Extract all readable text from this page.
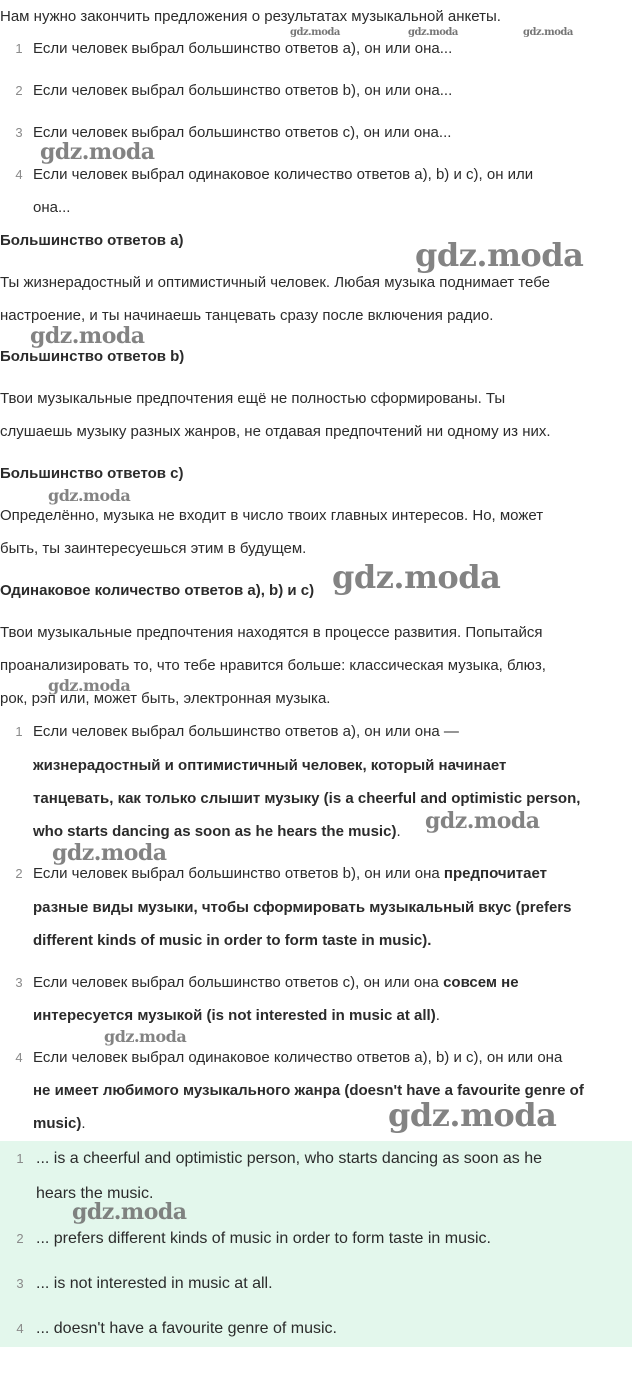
Нам нужно закончить предложения о результатах музыкальной анкеты.
1 Если человек выбрал большинство ответов a), он или она...
2 Если человек выбрал большинство ответов b), он или она...
3 Если человек выбрал большинство ответов c), он или она...
4 Если человек выбрал одинаковое количество ответов a), b) и c), он или
она...
Большинство ответов a)
Ты жизнерадостный и оптимистичный человек. Любая музыка поднимает тебе
настроение, и ты начинаешь танцевать сразу после включения радио.
Большинство ответов b)
Твои музыкальные предпочтения ещё не полностью сформированы. Ты
слушаешь музыку разных жанров, не отдавая предпочтений ни одному из них.
Большинство ответов c)
Определённо, музыка не входит в число твоих главных интересов. Но, может
быть, ты заинтересуешься этим в будущем.
Одинаковое количество ответов a), b) и c)
Твои музыкальные предпочтения находятся в процессе развития. Попытайся
проанализировать то, что тебе нравится больше: классическая музыка, блюз,
рок, рэп или, может быть, электронная музыка.
1 Если человек выбрал большинство ответов a), он или она —
жизнерадостный и оптимистичный человек, который начинает
танцевать, как только слышит музыку (is a cheerful and optimistic person,
who starts dancing as soon as he hears the music).
2 Если человек выбрал большинство ответов b), он или она предпочитает
разные виды музыки, чтобы сформировать музыкальный вкус (prefers
different kinds of music in order to form taste in music).
3 Если человек выбрал большинство ответов c), он или она совсем не
интересуется музыкой (is not interested in music at all).
4 Если человек выбрал одинаковое количество ответов a), b) и c), он или она
не имеет любимого музыкального жанра (doesn't have a favourite genre of
music).
1 ... is a cheerful and optimistic person, who starts dancing as soon as he
hears the music.
2 ... prefers different kinds of music in order to form taste in music.
3 ... is not interested in music at all.
4 ... doesn't have a favourite genre of music.
gdz.moda	gdz.moda	gdz.moda
gdz.moda
gdz.moda
gdz.moda
gdz.moda
gdz.moda
gdz.moda
gdz.moda
gdz.moda
gdz.moda
gdz.moda
gdz.moda
